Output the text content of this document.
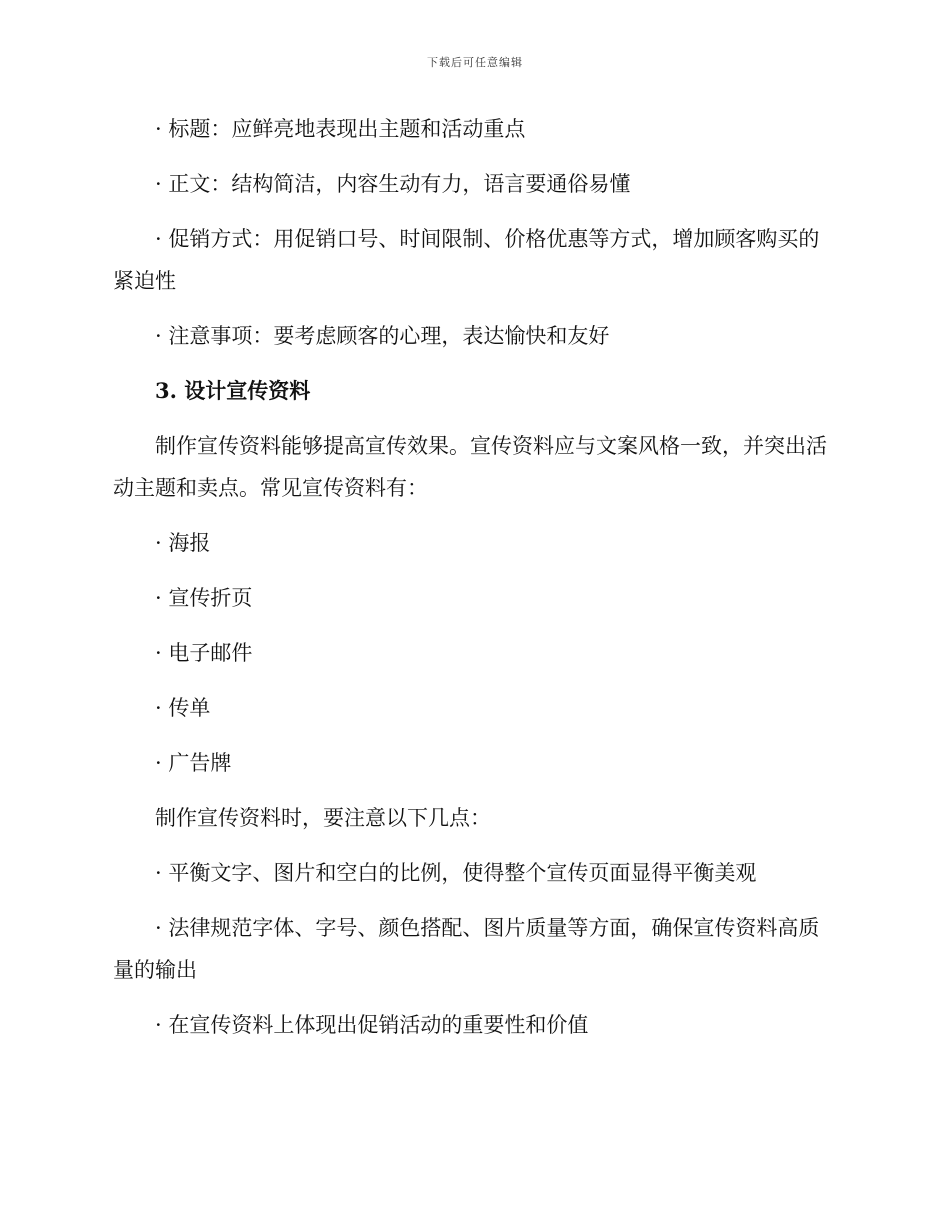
下载后可任意编辑

· 标题：应鲜亮地表现出主题和活动重点

· 正文：结构简洁，内容生动有力，语言要通俗易懂

· 促销方式：用促销口号、时间限制、价格优惠等方式，增加顾客购买的紧迫性

· 注意事项：要考虑顾客的心理，表达愉快和友好

3. 设计宣传资料

制作宣传资料能够提高宣传效果。宣传资料应与文案风格一致，并突出活动主题和卖点。常见宣传资料有：

· 海报

· 宣传折页

· 电子邮件

· 传单

· 广告牌

制作宣传资料时，要注意以下几点：

· 平衡文字、图片和空白的比例，使得整个宣传页面显得平衡美观

· 法律规范字体、字号、颜色搭配、图片质量等方面，确保宣传资料高质量的输出

· 在宣传资料上体现出促销活动的重要性和价值
